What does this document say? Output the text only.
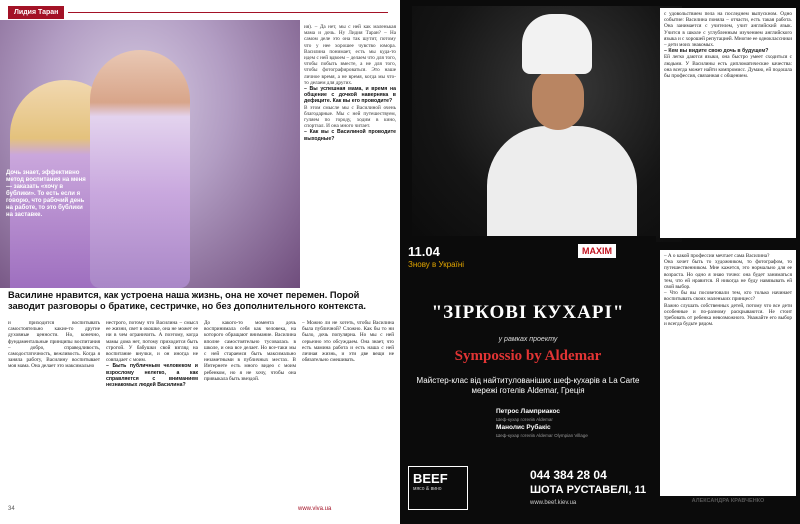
Лидия Таран
Дочь знает, эффективно метод воспитания на меня — заказать «хочу в бублики». То есть если я говорю, что рабочий день на работе, то это бублики на заставке.
ия). – Да нет, мы с ней как маленькая мама и дочь. Ну Лидия Таран? – На самом деле это она так шутит, потому что у нее хорошее чувство юмора. Василина понимает, есть мы куда-то идем с ней вдвоем – делаем что для того, чтобы побыть вместе, а не для того, чтобы фотографироваться. Это наше личное время, а не время, когда мы что-то делаем для других.
– Вы успешная мама, и время на общение с дочкой наверняка в дефиците. Как вы его проводите?
В этом смысле мы с Василиной очень благодарные. Мы с ней путешествуем, гуляем по городу, ходим в кино, спортзал. И она много читает.
– Как вы с Василиной проводите выходные?
Василине нравится, как устроена наша жизнь, она не хочет перемен. Порой заводит разговоры о братике, сестричке, но без дополнительного контекста.
и приходится воспитывать самостоятельно какие-то другие духовные ценности. Но, конечно, фундаментальные принципы воспитания – добро, справедливость, самодостаточность, вежливость. Когда я заняла работу, Василину воспитывает моя мама. Она делает это максимально
нестрого, потому что Василина – смысл ее жизни, свет в окошке, она не может ее ни в чем ограничить. А поэтому, когда мамы дома нет, потому приходится быть строгой. У бабушки свой взгляд на воспитание внучки, и он иногда не совпадает с моим.
– Быть публичным человеком и взрослому нелегко, а как справляется с вниманием незнакомых людей Василина?
До какого-то момента дочь воспринимала себя как человека, на которого обращают внимание. Василина вполне самостоятельно тусовалась в школе, и она все делает. Но все-таки мы с ней стараемся быть максимально незаметными в публичных местах. В Интернете есть много видео с моим ребенком, но я не хочу, чтобы она привыкала быть звездой.
– Можно ли не хотеть, чтобы Василина была публичной? Сложно. Как бы то ни было, дочь популярна. Но мы с ней серьезно это обсуждаем. Она знает, что есть мамина работа и есть наша с ней личная жизнь, и эти две вещи не обязательно смешивать.
34	www.viva.ua
с удовольствием пела на последнем выпускном. Одно событие: Василина поняла – отчасти, есть такая работа. Она занимается с учителем, учит английский язык. Учится в школе с углубленным изучением английского языка и с хорошей репутацией. Многие ее одноклассники – дети моих знакомых.
– Кем вы видите свою дочь в будущем?
Ей легко даются языки, она быстро умеет сходиться с людьми. У Василины есть дипломатические качества: она всегда может найти компромисс. Думаю, ей подошла бы профессия, связанная с общением.
– А о какой профессии мечтает сама Василина?
Она хочет быть то художником, то фотографом, то путешественником. Мне кажется, это нормально для ее возраста. Но одно я знаю точно: она будет заниматься тем, что ей нравится. Я никогда не буду навязывать ей свой выбор.
– Что бы вы посоветовали тем, кто только начинает воспитывать своих маленьких принцесс?
Важно слушать собственных детей, потому что все дети особенные и по-разному раскрываются. Не стоит требовать от ребенка невозможного. Уважайте его выбор и всегда будьте рядом.
АЛЕКСАНДРА КРАВЧЕНКО
11.04
Знову в Україні
MAXIM
"ЗІРКОВІ КУХАРІ"
у рамках проекту
Sympossio by Aldemar
Майстер-клас від найтитулованіших шеф-кухарів а La Carte мережі готелів Aldemar, Греція
Петрос Ламприакос
Шеф-кухар готелів Aldemar
Манолис Рубакіс
Шеф-кухар готелів Aldemar Olympian Village
BEEF
мясо & вино
044 384 28 04
ШОТА РУСТАВЕЛІ, 11
www.beef.kiev.ua
